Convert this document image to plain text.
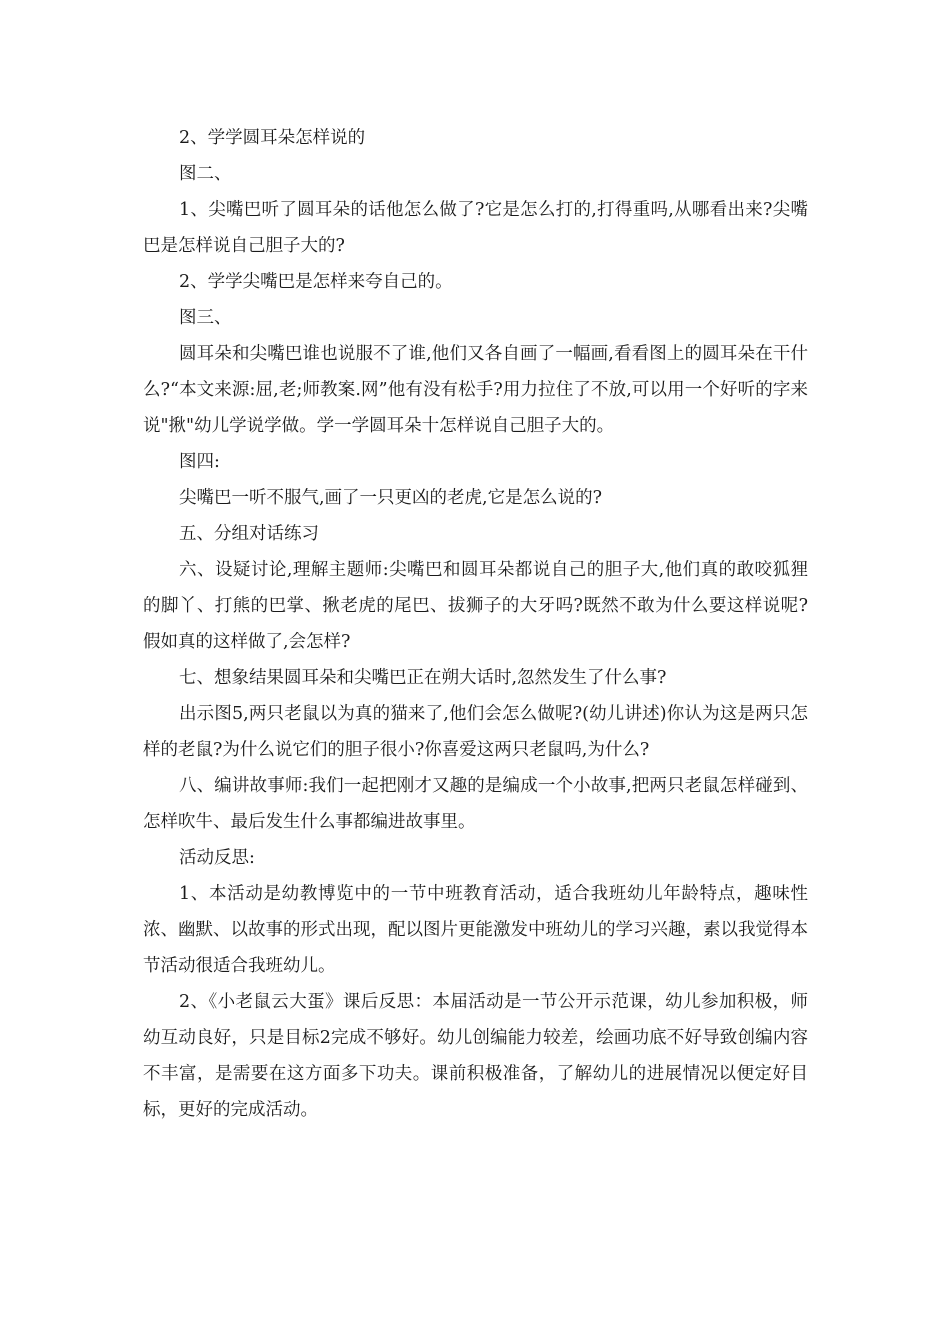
2、学学圆耳朵怎样说的

图二、

1、尖嘴巴听了圆耳朵的话他怎么做了?它是怎么打的,打得重吗,从哪看出来?尖嘴巴是怎样说自己胆子大的?

2、学学尖嘴巴是怎样来夸自己的。

图三、

圆耳朵和尖嘴巴谁也说服不了谁,他们又各自画了一幅画,看看图上的圆耳朵在干什么?“本文来源:屈,老;师教案.网”他有没有松手?用力拉住了不放,可以用一个好听的字来说"揪"幼儿学说学做。学一学圆耳朵十怎样说自己胆子大的。

图四:

尖嘴巴一听不服气,画了一只更凶的老虎,它是怎么说的?

五、分组对话练习

六、设疑讨论,理解主题师:尖嘴巴和圆耳朵都说自己的胆子大,他们真的敢咬狐狸的脚丫、打熊的巴掌、揪老虎的尾巴、拔狮子的大牙吗?既然不敢为什么要这样说呢?假如真的这样做了,会怎样?

七、想象结果圆耳朵和尖嘴巴正在朔大话时,忽然发生了什么事?

出示图5,两只老鼠以为真的猫来了,他们会怎么做呢?(幼儿讲述)你认为这是两只怎样的老鼠?为什么说它们的胆子很小?你喜爱这两只老鼠吗,为什么?

八、编讲故事师:我们一起把刚才又趣的是编成一个小故事,把两只老鼠怎样碰到、怎样吹牛、最后发生什么事都编进故事里。

活动反思:

1、本活动是幼教博览中的一节中班教育活动，适合我班幼儿年龄特点，趣味性浓、幽默、以故事的形式出现，配以图片更能激发中班幼儿的学习兴趣，素以我觉得本节活动很适合我班幼儿。

2、《小老鼠云大蛋》课后反思：本届活动是一节公开示范课，幼儿参加积极，师幼互动良好，只是目标2完成不够好。幼儿创编能力较差，绘画功底不好导致创编内容不丰富，是需要在这方面多下功夫。课前积极准备，了解幼儿的进展情况以便定好目标，更好的完成活动。
